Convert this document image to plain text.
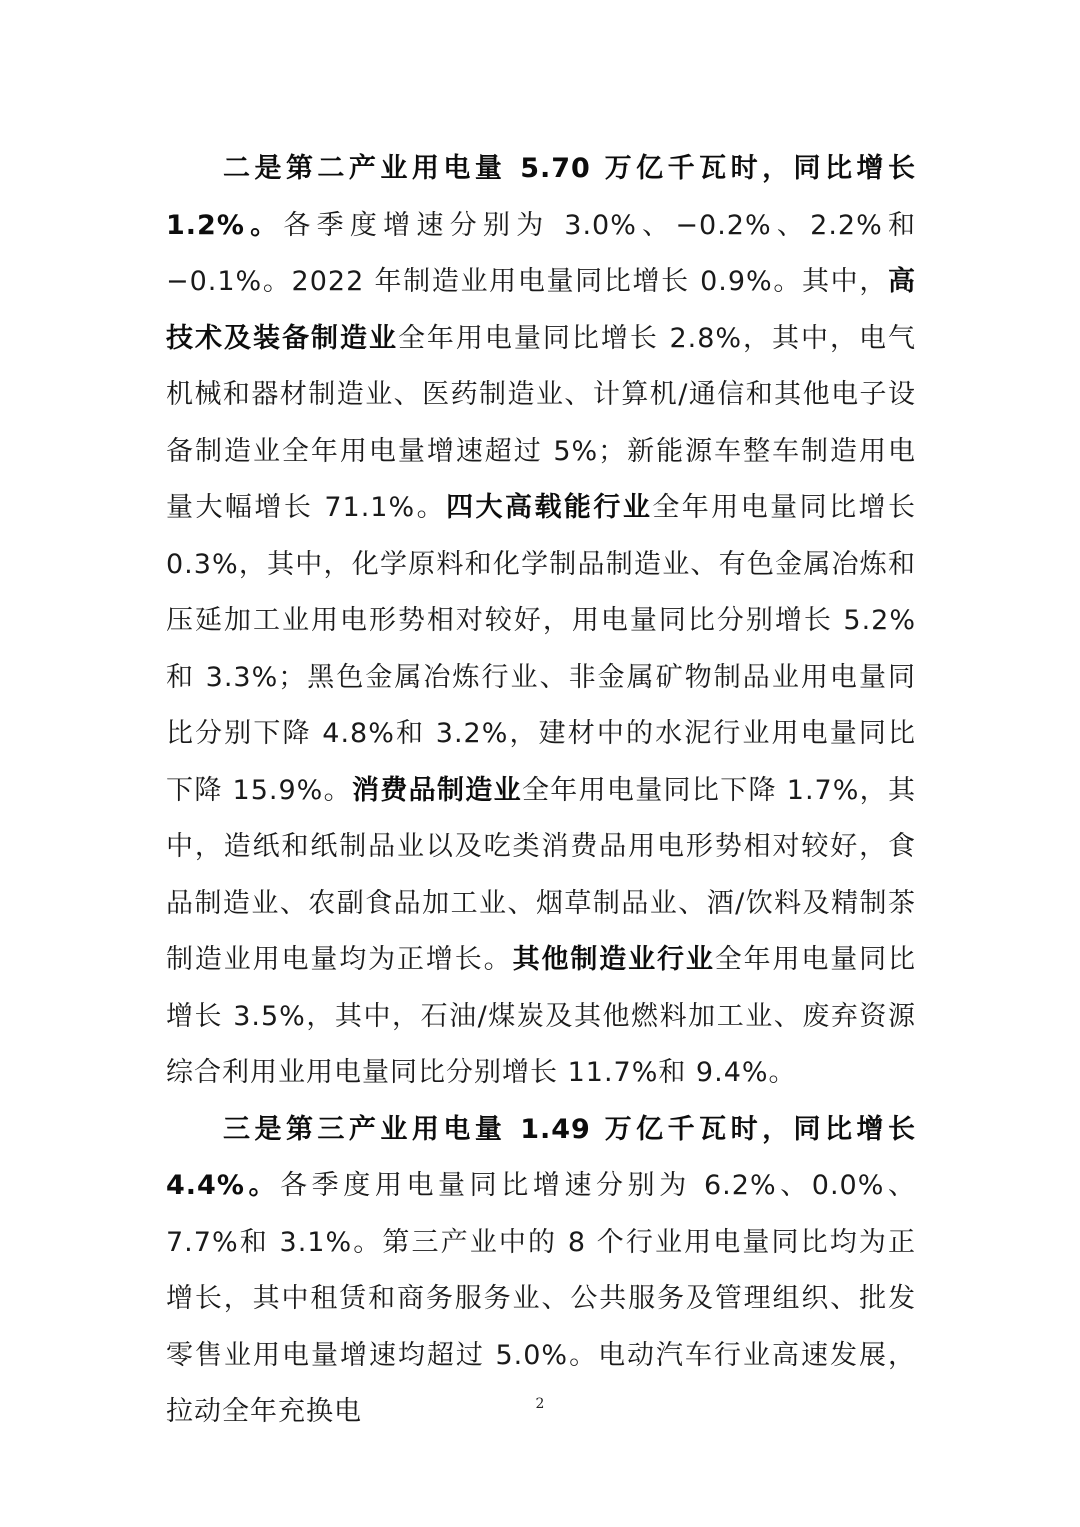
二是第二产业用电量 5.70 万亿千瓦时，同比增长 1.2%。各季度增速分别为 3.0%、−0.2%、2.2%和−0.1%。2022 年制造业用电量同比增长 0.9%。其中，高技术及装备制造业全年用电量同比增长 2.8%，其中，电气机械和器材制造业、医药制造业、计算机/通信和其他电子设备制造业全年用电量增速超过 5%；新能源车整车制造用电量大幅增长 71.1%。四大高载能行业全年用电量同比增长 0.3%，其中，化学原料和化学制品制造业、有色金属冶炼和压延加工业用电形势相对较好，用电量同比分别增长 5.2%和 3.3%；黑色金属冶炼行业、非金属矿物制品业用电量同比分别下降 4.8%和 3.2%，建材中的水泥行业用电量同比下降 15.9%。消费品制造业全年用电量同比下降 1.7%，其中，造纸和纸制品业以及吃类消费品用电形势相对较好，食品制造业、农副食品加工业、烟草制品业、酒/饮料及精制茶制造业用电量均为正增长。其他制造业行业全年用电量同比增长 3.5%，其中，石油/煤炭及其他燃料加工业、废弃资源综合利用业用电量同比分别增长 11.7%和 9.4%。

三是第三产业用电量 1.49 万亿千瓦时，同比增长 4.4%。各季度用电量同比增速分别为 6.2%、0.0%、7.7%和 3.1%。第三产业中的 8 个行业用电量同比均为正增长，其中租赁和商务服务业、公共服务及管理组织、批发零售业用电量增速均超过 5.0%。电动汽车行业高速发展，拉动全年充换电	2
